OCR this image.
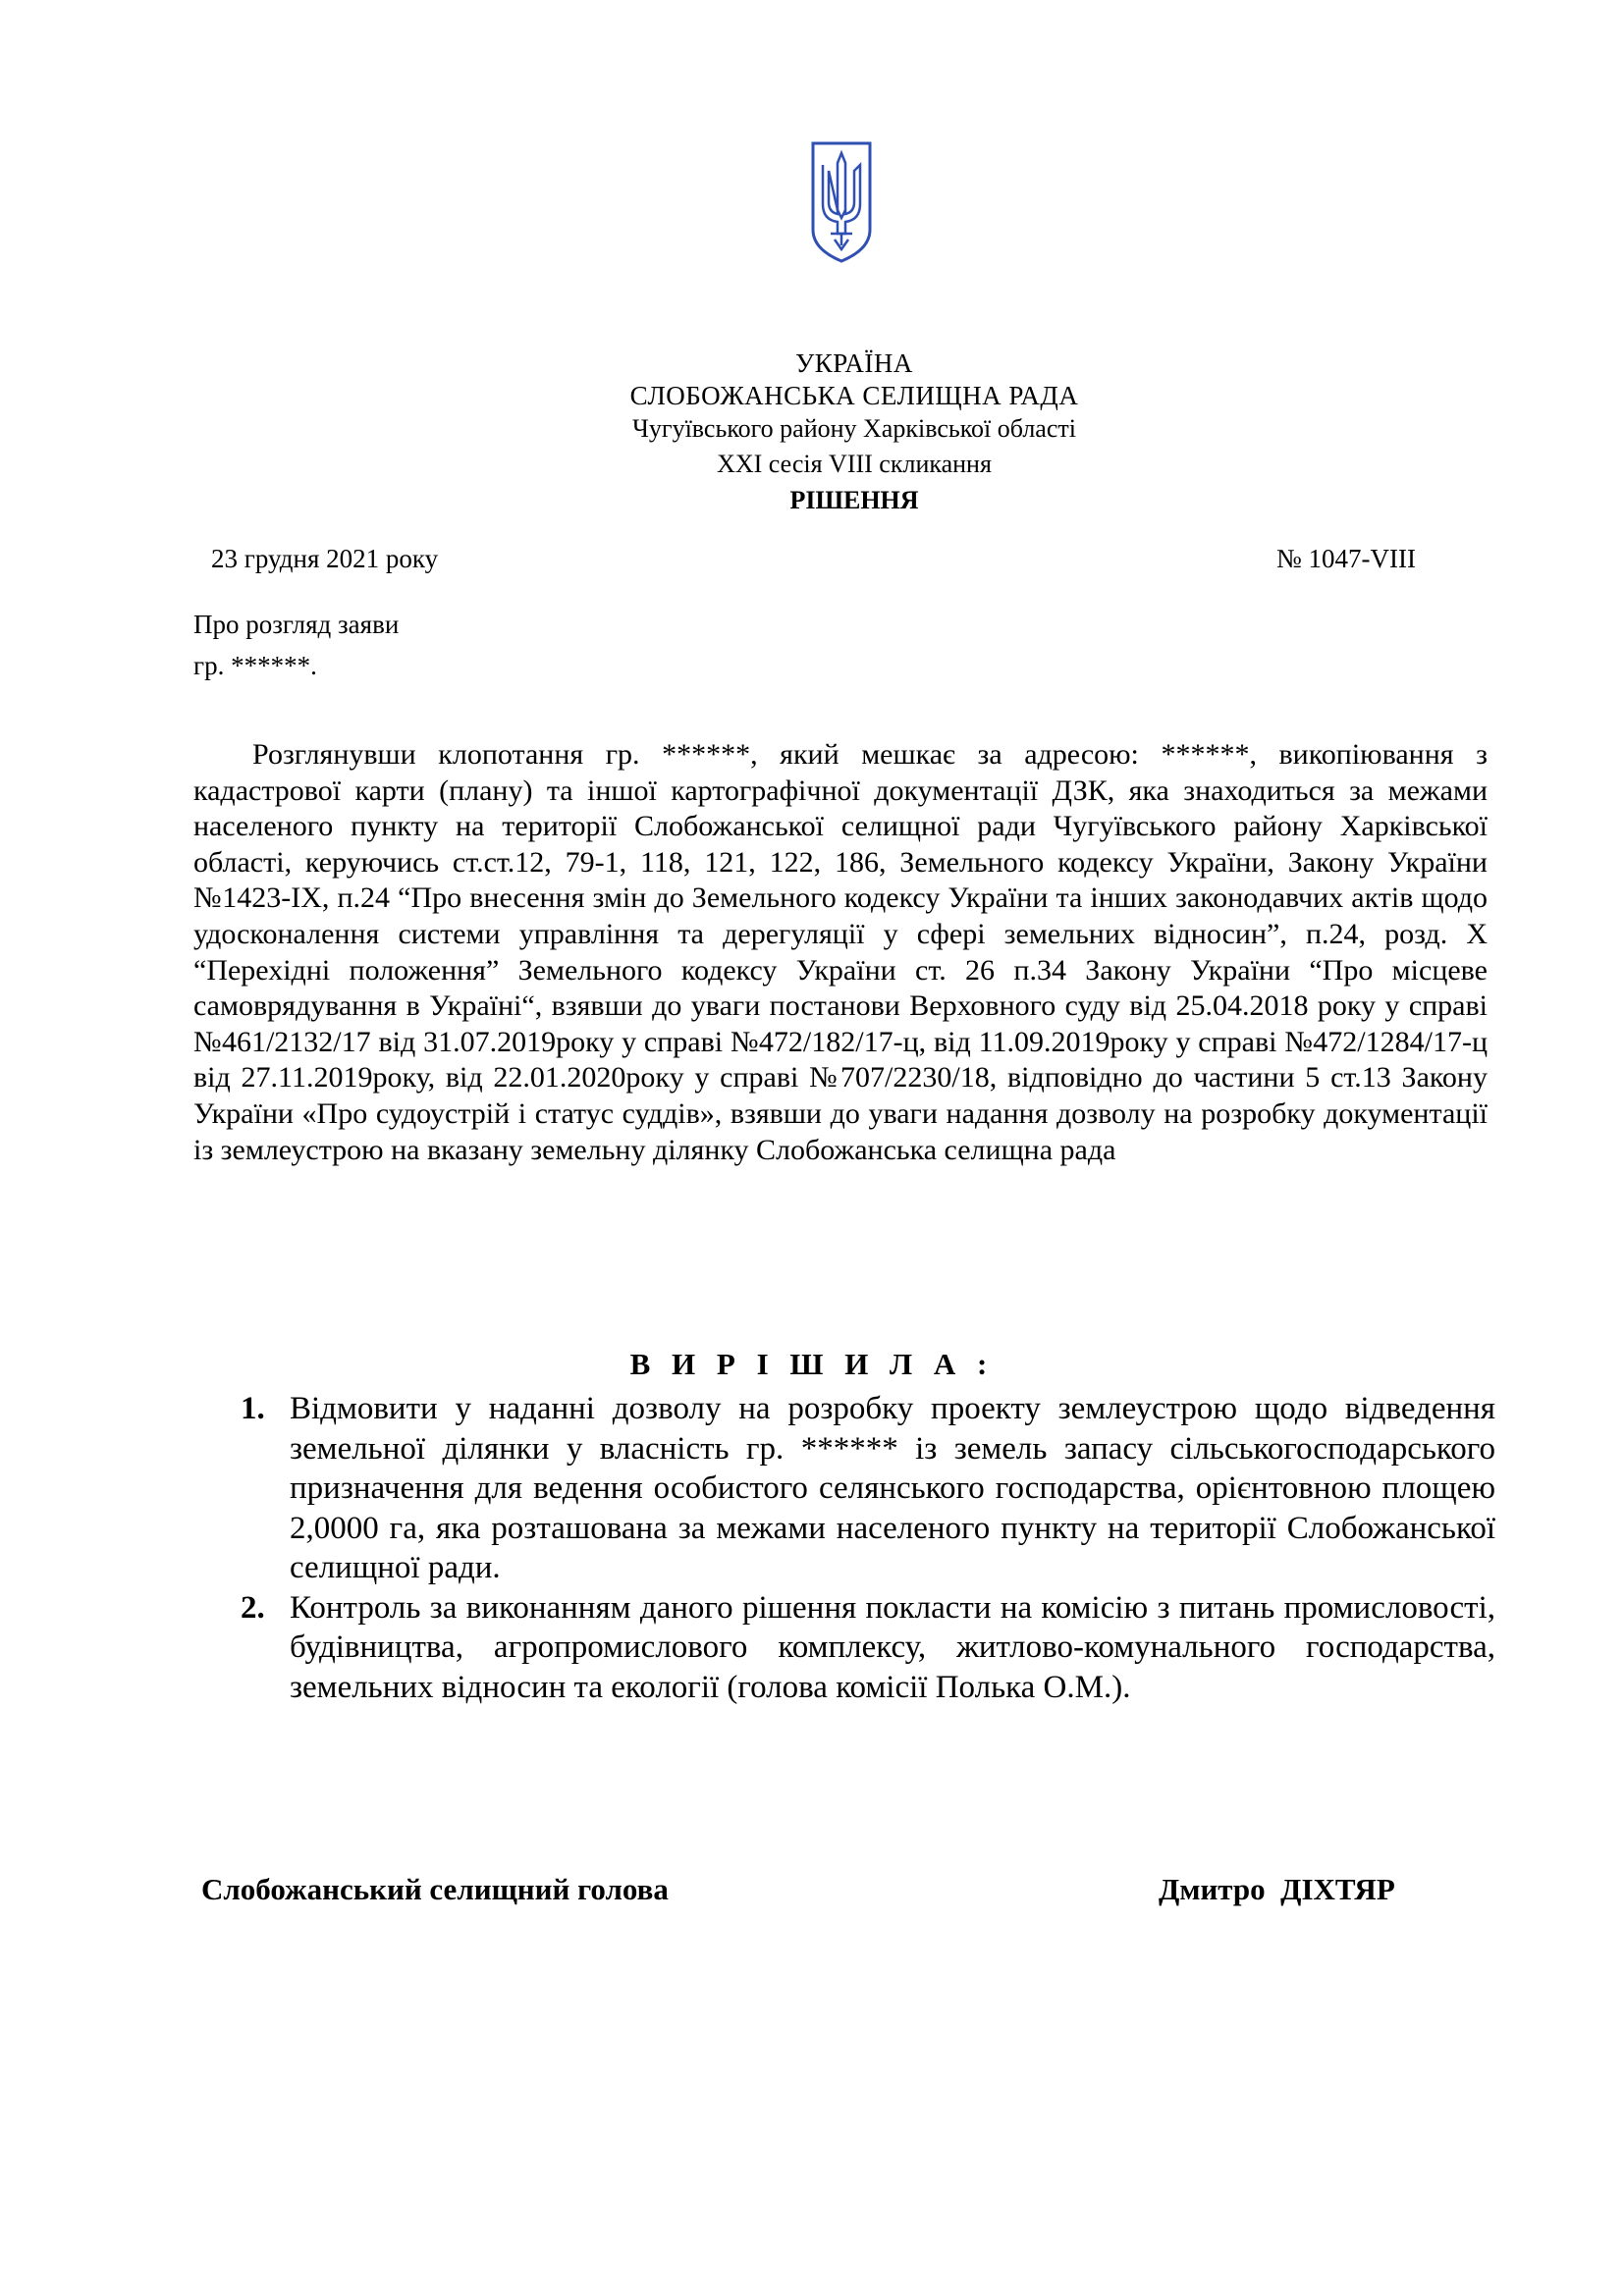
УКРАЇНА

СЛОБОЖАНСЬКА СЕЛИЩНА РАДА

Чугуївського району Харківської області

XXI сесія VIII скликання

РІШЕННЯ

23 грудня 2021 року	№ 1047-VIII
Про розгляд заяви
гр. ******.

Розглянувши клопотання гр. ******, який мешкає за адресою: ******, викопіювання з кадастрової карти (плану) та іншої картографічної документації ДЗК, яка знаходиться за межами населеного пункту на території Слобожанської селищної ради Чугуївського району Харківської області, керуючись ст.ст.12, 79-1, 118, 121, 122, 186, Земельного кодексу України, Закону України №1423-IX, п.24 “Про внесення змін до Земельного кодексу України та інших законодавчих актів щодо удосконалення системи управління та дерегуляції у сфері земельних відносин”, п.24, розд. Х “Перехідні положення” Земельного кодексу України ст. 26 п.34 Закону України “Про місцеве самоврядування в Україні“, взявши до уваги постанови Верховного суду від 25.04.2018 року у справі №461/2132/17 від 31.07.2019року у справі №472/182/17-ц, від 11.09.2019року у справі №472/1284/17-ц від 27.11.2019року, від 22.01.2020року у справі №707/2230/18, відповідно до частини 5 ст.13 Закону України «Про судоустрій і статус суддів», взявши до уваги надання дозволу на розробку документації із землеустрою на вказану земельну ділянку Слобожанська селищна рада

В И Р І Ш И Л А :

1. Відмовити у наданні дозволу на розробку проекту землеустрою щодо відведення земельної ділянки у власність гр. ****** із земель запасу сільськогосподарського призначення для ведення особистого селянського господарства, орієнтовною площею 2,0000 га, яка розташована за межами населеного пункту на території Слобожанської селищної ради.

2. Контроль за виконанням даного рішення покласти на комісію з питань промисловості, будівництва, агропромислового комплексу, житлово-комунального господарства, земельних відносин та екології (голова комісії Полька О.М.).

Слобожанський селищний голова	Дмитро  ДІХТЯР
